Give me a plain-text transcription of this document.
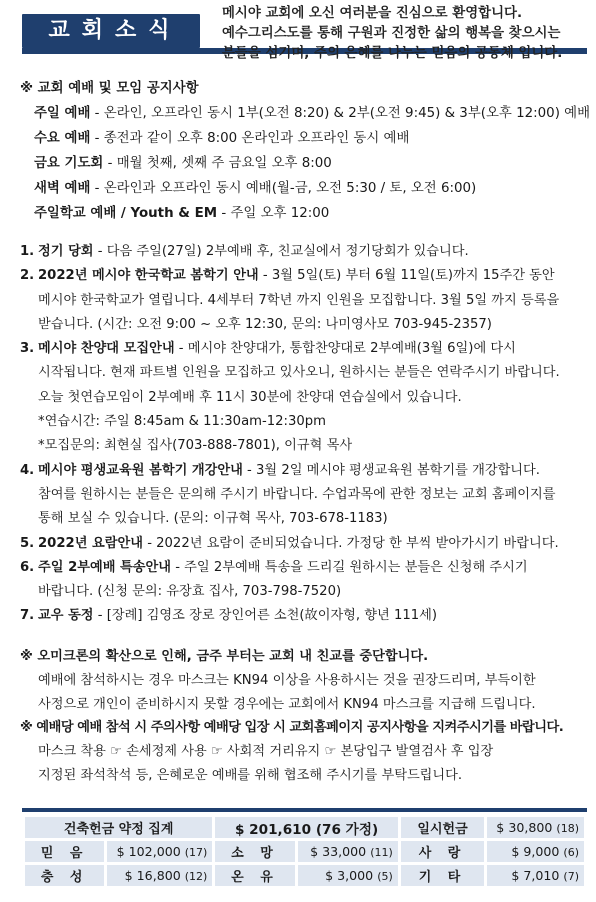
교회소식
메시야 교회에 오신 여러분을 진심으로 환영합니다.
예수그리스도를 통해 구원과 진정한 삶의 행복을 찾으시는
분들을 섬기며, 주의 은혜를 나누는 믿음의 공동체 입니다.
※ 교회 예배 및 모임 공지사항
주일 예배 - 온라인, 오프라인 동시 1부(오전 8:20) & 2부(오전 9:45) & 3부(오후 12:00) 예배
수요 예배 - 종전과 같이 오후 8:00 온라인과 오프라인 동시 예배
금요 기도회 - 매월 첫째, 셋째 주 금요일 오후 8:00
새벽 예배 - 온라인과 오프라인 동시 예배(월-금, 오전 5:30 / 토, 오전 6:00)
주일학교 예배 / Youth & EM - 주일 오후 12:00
1. 정기 당회 - 다음 주일(27일) 2부예배 후, 친교실에서 정기당회가 있습니다.
2. 2022년 메시야 한국학교 봄학기 안내 - 3월 5일(토) 부터 6월 11일(토)까지 15주간 동안
메시야 한국학교가 열립니다. 4세부터 7학년 까지 인원을 모집합니다. 3월 5일 까지 등록을
받습니다. (시간: 오전 9:00 ~ 오후 12:30, 문의: 나미영사모 703-945-2357)
3. 메시야 찬양대 모집안내 - 메시야 찬양대가, 통합찬양대로 2부예배(3월 6일)에 다시
시작됩니다. 현재 파트별 인원을 모집하고 있사오니, 원하시는 분들은 연락주시기 바랍니다.
오늘 첫연습모임이 2부예배 후 11시 30분에 찬양대 연습실에서 있습니다.
*연습시간: 주일 8:45am & 11:30am-12:30pm
*모집문의: 최현실 집사(703-888-7801), 이규혁 목사
4. 메시야 평생교육원 봄학기 개강안내 - 3월 2일 메시야 평생교육원 봄학기를 개강합니다.
참여를 원하시는 분들은 문의해 주시기 바랍니다. 수업과목에 관한 정보는 교회 홈페이지를
통해 보실 수 있습니다. (문의: 이규혁 목사, 703-678-1183)
5. 2022년 요람안내 - 2022년 요람이 준비되었습니다. 가정당 한 부씩 받아가시기 바랍니다.
6. 주일 2부예배 특송안내 - 주일 2부예배 특송을 드리길 원하시는 분들은 신청해 주시기
바랍니다. (신청 문의: 유장효 집사, 703-798-7520)
7. 교우 동정 - [장례] 김영조 장로 장인어른 소천(故이자형, 향년 111세)
※ 오미크론의 확산으로 인해, 금주 부터는 교회 내 친교를 중단합니다.
예배에 참석하시는 경우 마스크는 KN94 이상을 사용하시는 것을 권장드리며, 부득이한
사정으로 개인이 준비하시지 못할 경우에는 교회에서 KN94 마스크를 지급해 드립니다.
※ 예배당 예배 참석 시 주의사항 예배당 입장 시 교회홈페이지 공지사항을 지켜주시기를 바랍니다.
마스크 착용 ☞ 손세정제 사용 ☞ 사회적 거리유지 ☞ 본당입구 발열검사 후 입장
지정된 좌석착석 등, 은혜로운 예배를 위해 협조해 주시기를 부탁드립니다.
건축헌금 약정 집계		$ 201,610 (76 가정)		일시헌금	$ 30,800 (18)
믿 음	$ 102,000 (17)	소 망	$ 33,000 (11)	사 랑	$ 9,000 (6)
충 성	$ 16,800 (12)	온 유	$ 3,000 (5)	기 타	$ 7,010 (7)
